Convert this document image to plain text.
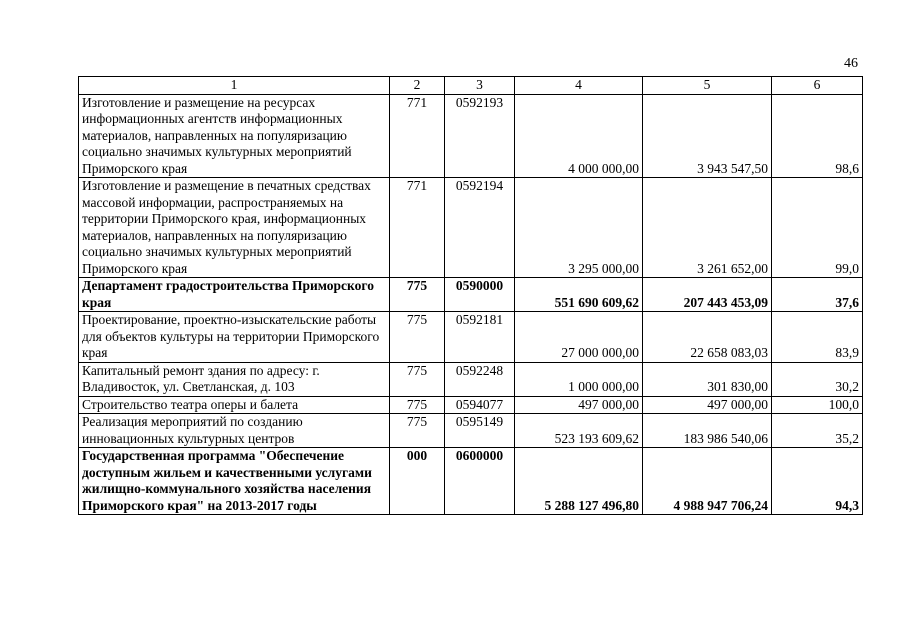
46
1	2	3	4	5	6
Изготовление и размещение на ресурсах информационных агентств информационных материалов, направленных на популяризацию социально значимых культурных мероприятий Приморского края	771	0592193	4 000 000,00	3 943 547,50	98,6
Изготовление и размещение в печатных средствах массовой информации, распространяемых на территории Приморского края, информационных материалов, направленных на популяризацию социально значимых культурных мероприятий Приморского края	771	0592194	3 295 000,00	3 261 652,00	99,0
Департамент градостроительства Приморского края	775	0590000	551 690 609,62	207 443 453,09	37,6
Проектирование, проектно-изыскательские работы для объектов культуры на территории Приморского края	775	0592181	27 000 000,00	22 658 083,03	83,9
Капитальный ремонт здания по адресу: г. Владивосток, ул. Светланская, д. 103	775	0592248	1 000 000,00	301 830,00	30,2
Строительство театра оперы и балета	775	0594077	497 000,00	497 000,00	100,0
Реализация мероприятий по созданию инновационных культурных центров	775	0595149	523 193 609,62	183 986 540,06	35,2
Государственная программа "Обеспечение доступным жильем и качественными услугами жилищно-коммунального хозяйства населения Приморского края" на 2013-2017 годы	000	0600000	5 288 127 496,80	4 988 947 706,24	94,3
